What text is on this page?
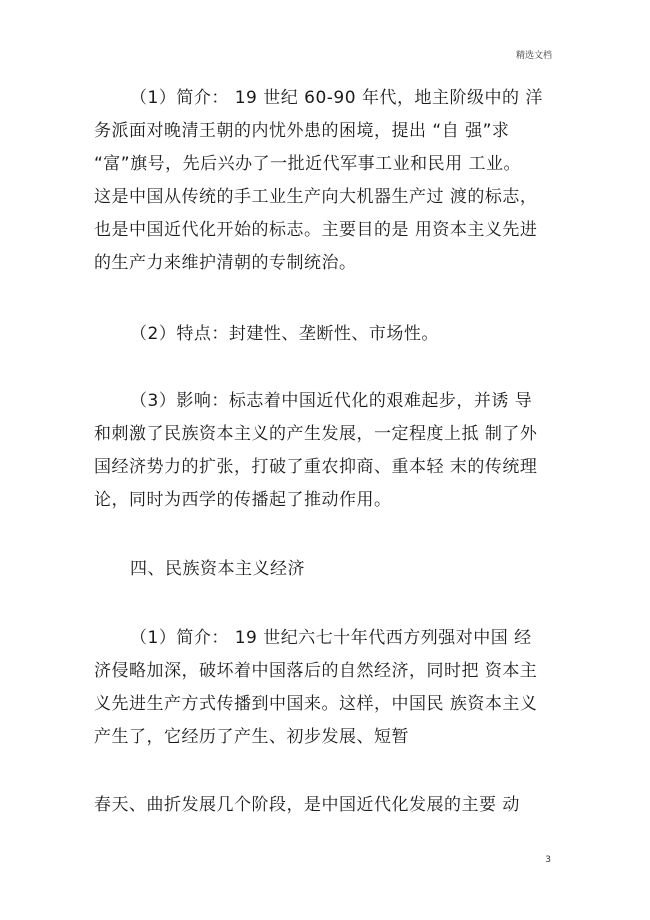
精选文档
（1）简介： 19 世纪 60-90 年代，地主阶级中的 洋
务派面对晚清王朝的内忧外患的困境，提出 “自 强”求
“富”旗号，先后兴办了一批近代军事工业和民用 工业。
这是中国从传统的手工业生产向大机器生产过 渡的标志，
也是中国近代化开始的标志。主要目的是 用资本主义先进
的生产力来维护清朝的专制统治。
（2）特点：封建性、垄断性、市场性。
（3）影响：标志着中国近代化的艰难起步，并诱 导
和刺激了民族资本主义的产生发展，一定程度上抵 制了外
国经济势力的扩张，打破了重农抑商、重本轻 末的传统理
论，同时为西学的传播起了推动作用。
四、民族资本主义经济
（1）简介： 19 世纪六七十年代西方列强对中国 经
济侵略加深，破坏着中国落后的自然经济，同时把 资本主
义先进生产方式传播到中国来。这样，中国民 族资本主义
产生了，它经历了产生、初步发展、短暂
春天、曲折发展几个阶段，是中国近代化发展的主要 动
3
